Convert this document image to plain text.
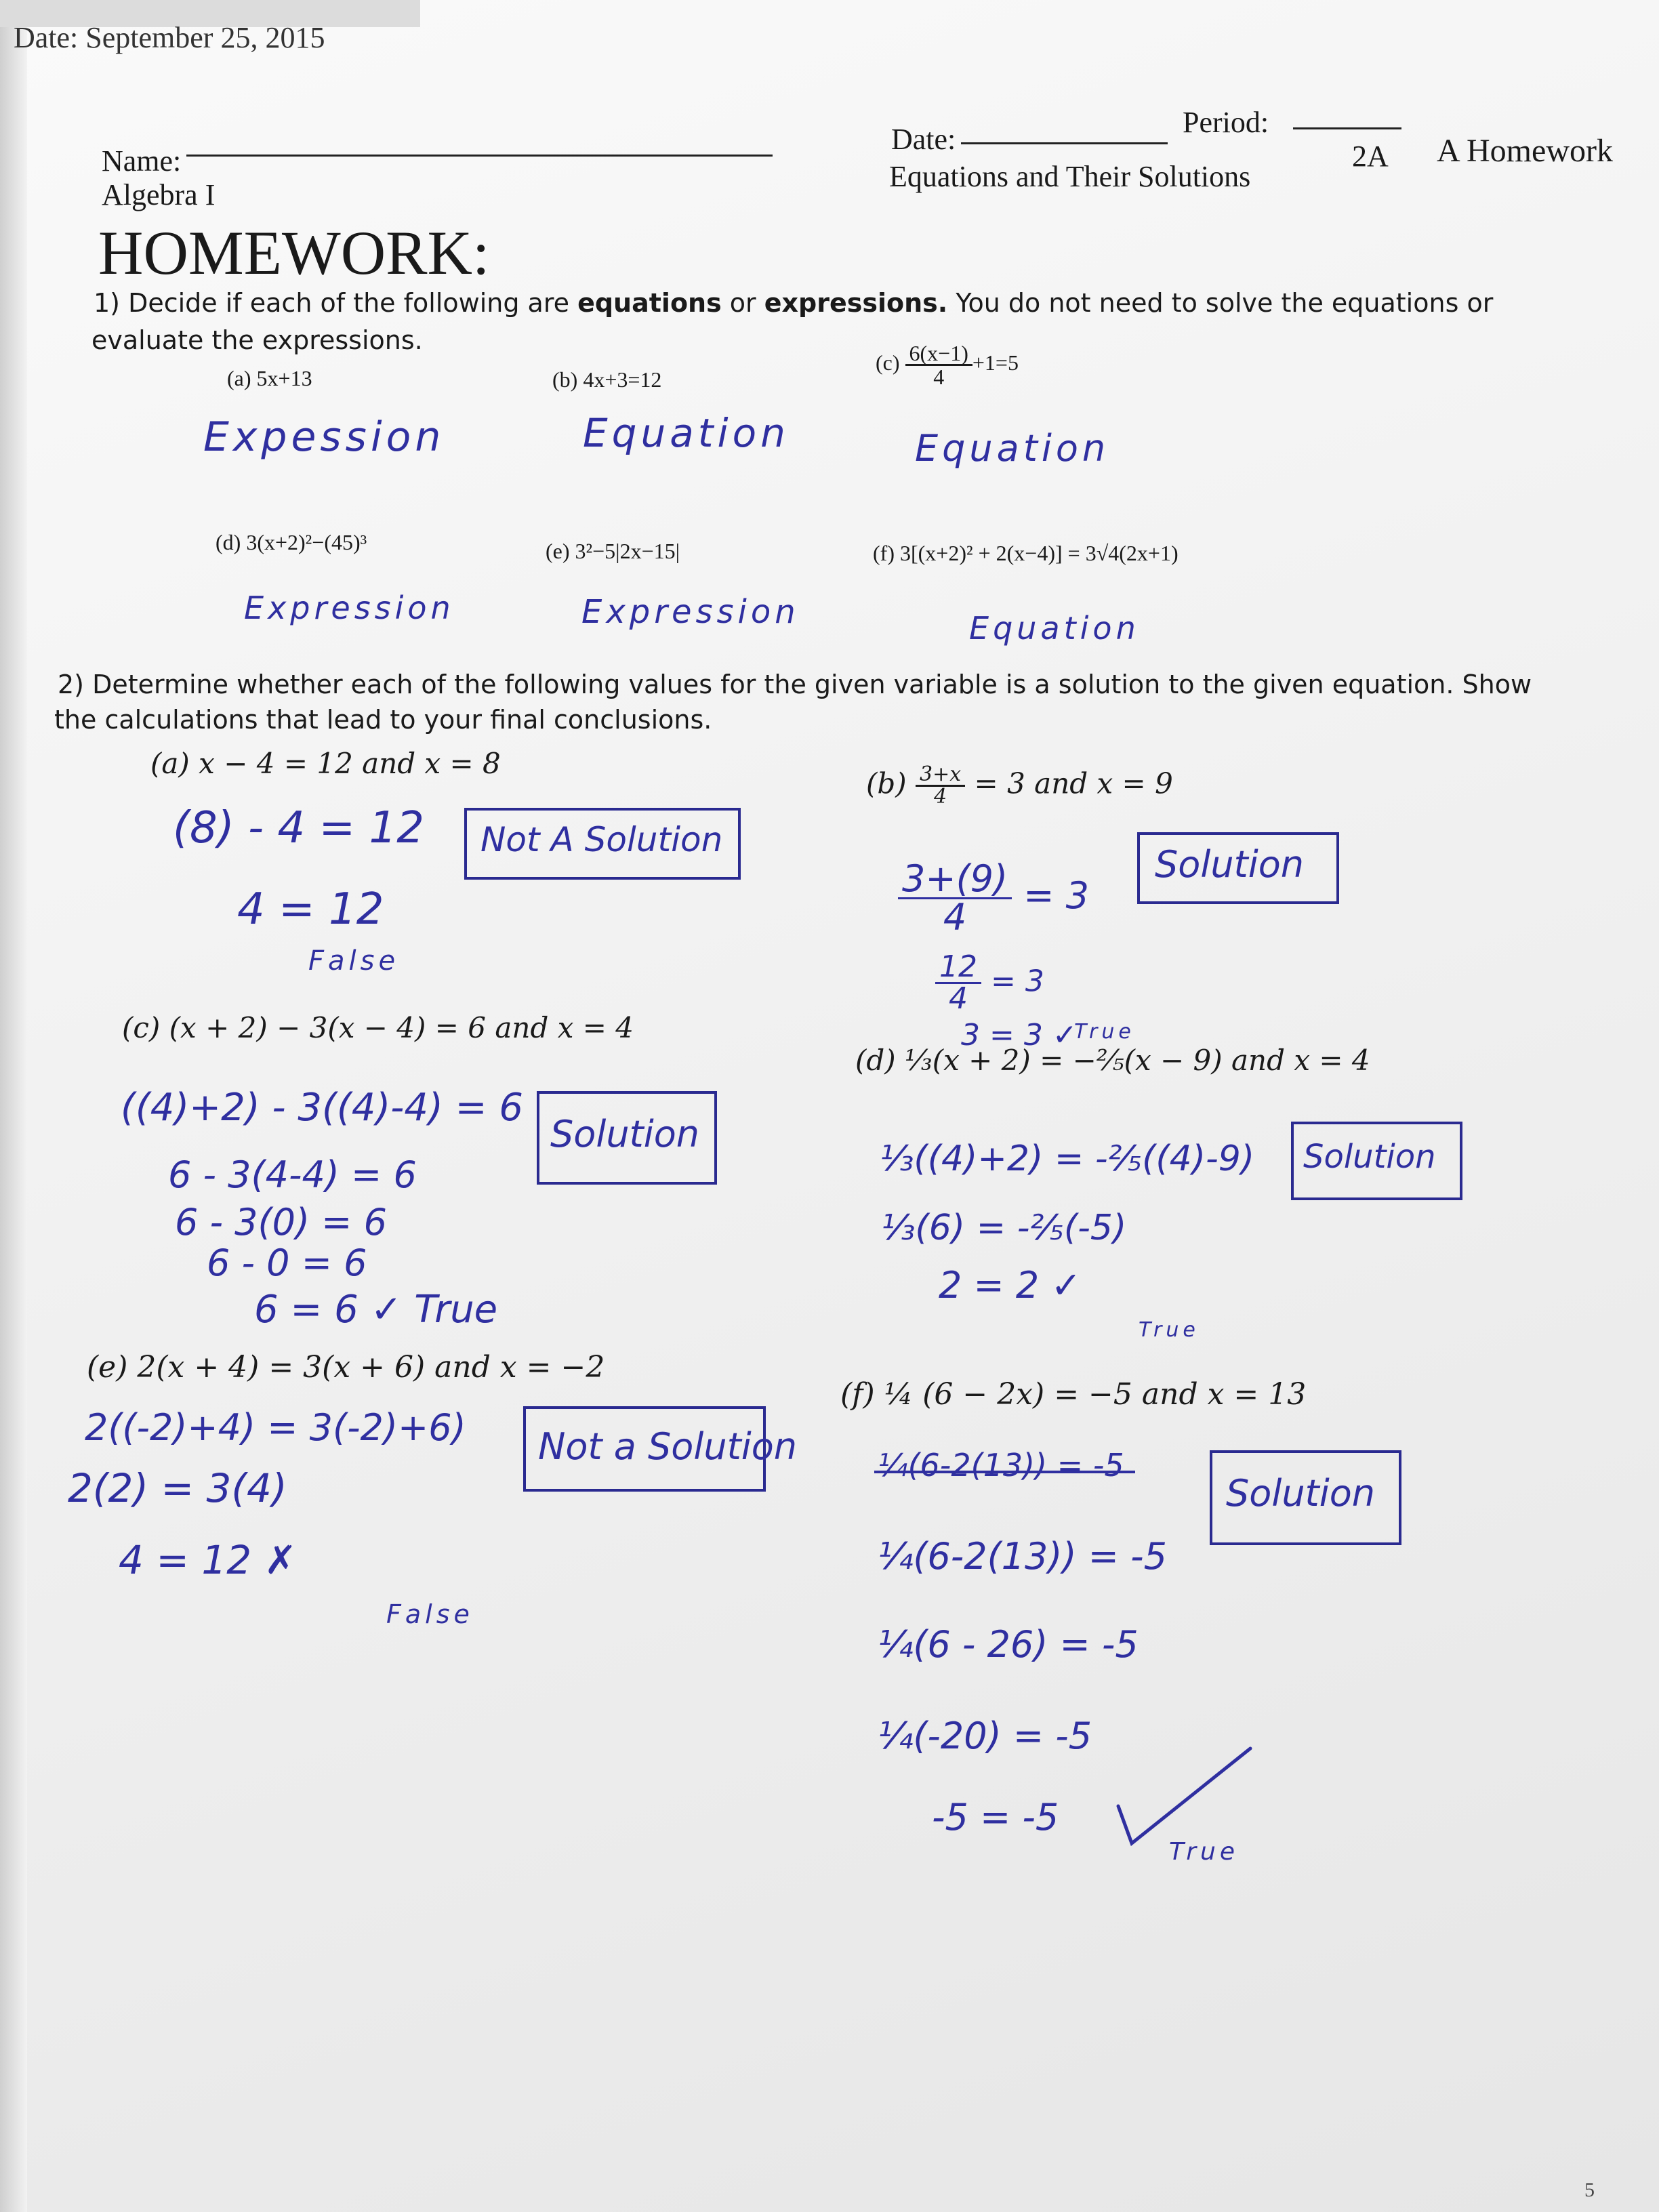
Date: September 25, 2015
Name:
Algebra I
Date:
Period:
Equations and Their Solutions
2A A Homework
HOMEWORK:
1) Decide if each of the following are equations or expressions. You do not need to solve the equations or
evaluate the expressions.
(a) 5x+13
Expession
(b) 4x+3=12
Equation
$(c) \frac{6(x-1)}{4} +1=5$
Equation
(d) 3(x+2)²−(45)³
Expression
(e) 3²−5|2x−15|
Expression
(f) 3[(x+2)² + 2(x−4)] = 3√4(2x+1)
Equation
2) Determine whether each of the following values for the given variable is a solution to the given equation. Show
the calculations that lead to your final conclusions.
(a) x − 4 = 12 and x = 8
(8) - 4 = 12
4 = 12
False
Not A Solution
$(b) \frac{3+x}{4} = 3$ and x = 9
$\frac{3+(9)}{4} = 3$
$\frac{12}{4} = 3$
3 = 3 ✓
True
Solution
(c) (x + 2) − 3(x − 4) = 6 and x = 4
((4)+2) - 3((4)-4) = 6
6 - 3(4-4) = 6
6 - 3(0) = 6
6 - 0 = 6
6 = 6 ✓ True
Solution
(d) ⅓(x + 2) = −⅖(x − 9) and x = 4
⅓((4)+2) = -⅖((4)-9)
⅓(6) = -⅖(-5)
2 = 2 ✓
True
Solution
(e) 2(x + 4) = 3(x + 6) and x = −2
2((-2)+4) = 3(-2)+6)
2(2) = 3(4)
4 = 12 ✗
False
Not a Solution
(f) ¼ (6 − 2x) = −5 and x = 13
¼(6-2(13)) = -5
¼(6-2(13)) = -5
¼(6 - 26) = -5
¼(-20) = -5
-5 = -5
True
Solution
5
